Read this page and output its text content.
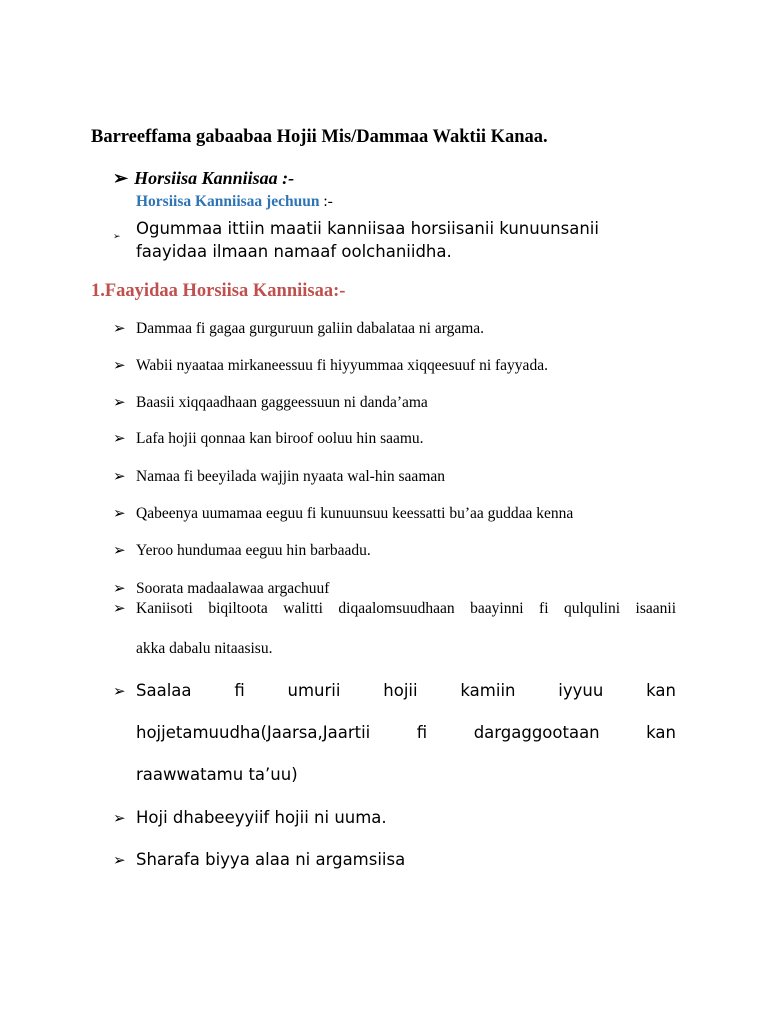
Barreeffama gabaabaa Hojii Mis/Dammaa Waktii Kanaa.
➢ Horsiisa Kanniisaa :-
Horsiisa Kanniisaa jechuun :-
➢ Ogummaa ittiin maatii kanniisaa horsiisanii kunuunsanii
faayidaa ilmaan namaaf oolchaniidha.
1.Faayidaa Horsiisa Kanniisaa:-
➢ Dammaa fi gagaa gurguruun galiin dabalataa ni argama.
➢ Wabii nyaataa mirkaneessuu fi hiyyummaa xiqqeesuuf ni fayyada.
➢ Baasii xiqqaadhaan gaggeessuun ni danda’ama
➢ Lafa hojii qonnaa kan biroof ooluu hin saamu.
➢ Namaa fi beeyilada wajjin nyaata wal-hin saaman
➢ Qabeenya uumamaa eeguu fi kunuunsuu keessatti bu’aa guddaa kenna
➢ Yeroo hundumaa eeguu hin barbaadu.
➢ Soorata madaalawaa argachuuf
➢ Kaniisoti biqiltoota walitti diqaalomsuudhaan baayinni fi qulqulini isaanii
akka dabalu nitaasisu.
➢ Saalaa fi umurii hojii kamiin iyyuu kan
hojjetamuudha(Jaarsa,Jaartii fi dargaggootaan kan
raawwatamu ta’uu)
➢ Hoji dhabeeyyiif hojii ni uuma.
➢ Sharafa biyya alaa ni argamsiisa
